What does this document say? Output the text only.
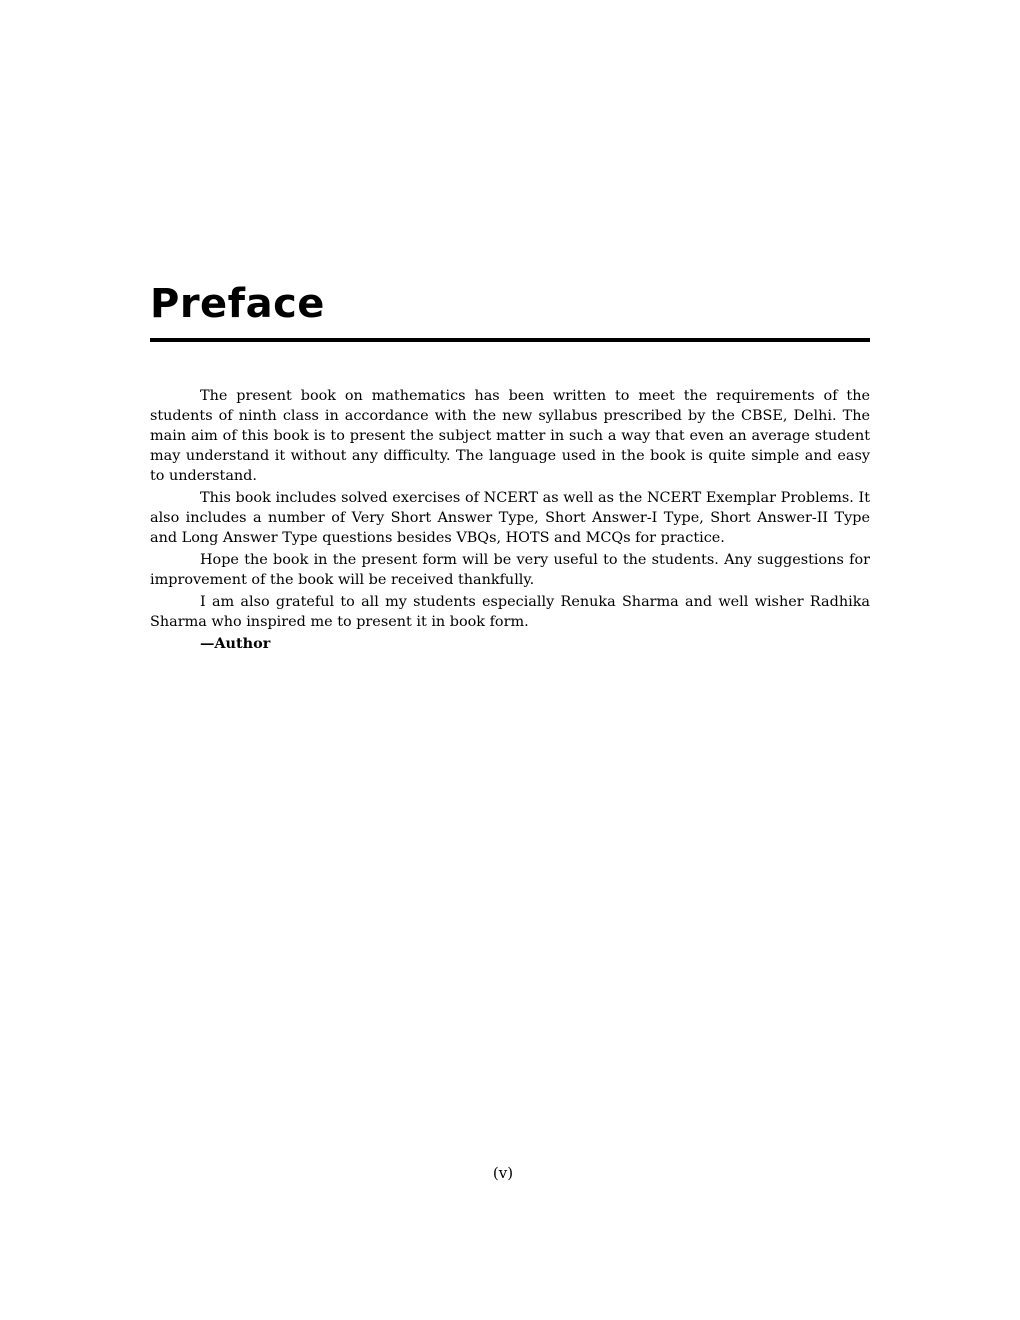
Preface

The present book on mathematics has been written to meet the requirements of the students of ninth class in accordance with the new syllabus prescribed by the CBSE, Delhi. The main aim of this book is to present the subject matter in such a way that even an average student may understand it without any difficulty. The language used in the book is quite simple and easy to understand.

This book includes solved exercises of NCERT as well as the NCERT Exemplar Problems. It also includes a number of Very Short Answer Type, Short Answer-I Type, Short Answer-II Type and Long Answer Type questions besides VBQs, HOTS and MCQs for practice.

Hope the book in the present form will be very useful to the students. Any suggestions for improvement of the book will be received thankfully.

I am also grateful to all my students especially Renuka Sharma and well wisher Radhika Sharma who inspired me to present it in book form.

—Author

(v)
